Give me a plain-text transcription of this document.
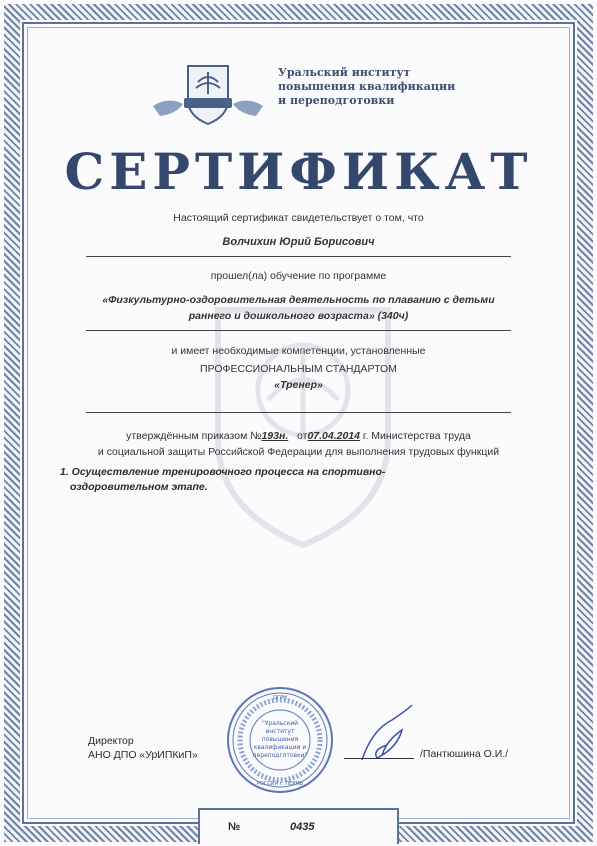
Уральский институт
повышения квалификации
и переподготовки
СЕРТИФИКАТ
Настоящий сертификат свидетельствует о том, что
Волчихин Юрий Борисович
прошел(ла) обучение по программе
«Физкультурно-оздоровительная деятельность по плаванию с детьми
раннего и дошкольного возраста» (340ч)
и имеет необходимые компетенции, установленные
ПРОФЕССИОНАЛЬНЫМ СТАНДАРТОМ
«Тренер»
утверждённым приказом №193н. от07.04.2014 г. Министерства труда
и социальной защиты Российской Федерации для выполнения трудовых функций
1. Осуществление тренировочного процесса на спортивно-
оздоровительном этапе.
Директор
АНО ДПО «УрИПКиП»
"Уральский
институт
повышения
квалификации и
переподготовки"
ОГРН
РОССИЯ г. ПЕРМЬ
/Пантюшина О.И./
№	0435
